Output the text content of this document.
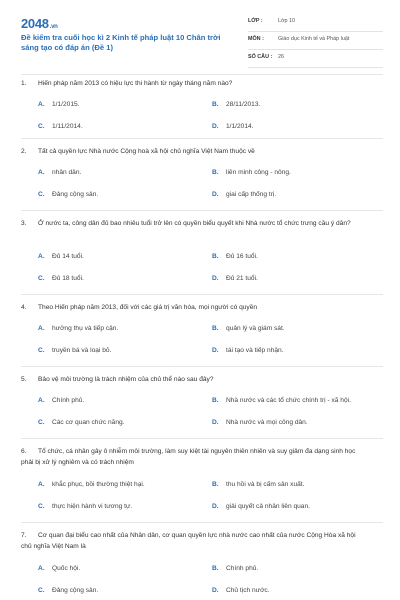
2048.vn
Đề kiểm tra cuối học kì 2 Kinh tế pháp luật 10 Chân trời sáng tạo có đáp án (Đề 1)
LỚP :	Lớp 10
MÔN :	Giáo dục Kinh tế và Pháp luật
SỐ CÂU : 26
1. Hiến pháp năm 2013 có hiệu lực thi hành từ ngày tháng năm nào?
A. 1/1/2015.	B. 28/11/2013.
C. 1/11/2014.	D. 1/1/2014.
2. Tất cả quyền lực Nhà nước Cộng hoà xã hội chủ nghĩa Việt Nam thuộc về
A. nhân dân.	B. liên minh công - nông.
C. Đảng cộng sản.	D. giai cấp thống trị.
3. Ở nước ta, công dân đủ bao nhiêu tuổi trở lên có quyền biểu quyết khi Nhà nước tổ chức trưng cầu ý dân?
A. Đủ 14 tuổi.	B. Đủ 16 tuổi.
C. Đủ 18 tuổi.	D. Đủ 21 tuổi.
4. Theo Hiến pháp năm 2013, đối với các giá trị văn hóa, mọi người có quyền
A. hưởng thụ và tiếp cận.	B. quản lý và giám sát.
C. truyền bá và loại bỏ.	D. tái tạo và tiếp nhận.
5. Bảo vệ môi trường là trách nhiệm của chủ thể nào sau đây?
A. Chính phủ.	B. Nhà nước và các tổ chức chính trị - xã hội.
C. Các cơ quan chức năng.	D. Nhà nước và mọi công dân.
6. Tổ chức, cá nhân gây ô nhiễm môi trường, làm suy kiệt tài nguyên thiên nhiên và suy giảm đa dạng sinh học phải bị xử lý nghiêm và có trách nhiệm
A. khắc phục, bồi thường thiệt hại.	B. thu hồi và bị cấm sản xuất.
C. thực hiện hành vi tương tự.	D. giải quyết cả nhân liên quan.
7. Cơ quan đại biểu cao nhất của Nhân dân, cơ quan quyền lực nhà nước cao nhất của nước Cộng Hòa xã hội chủ nghĩa Việt Nam là
A. Quốc hội.	B. Chính phủ.
C. Đảng cộng sản.	D. Chủ tịch nước.
